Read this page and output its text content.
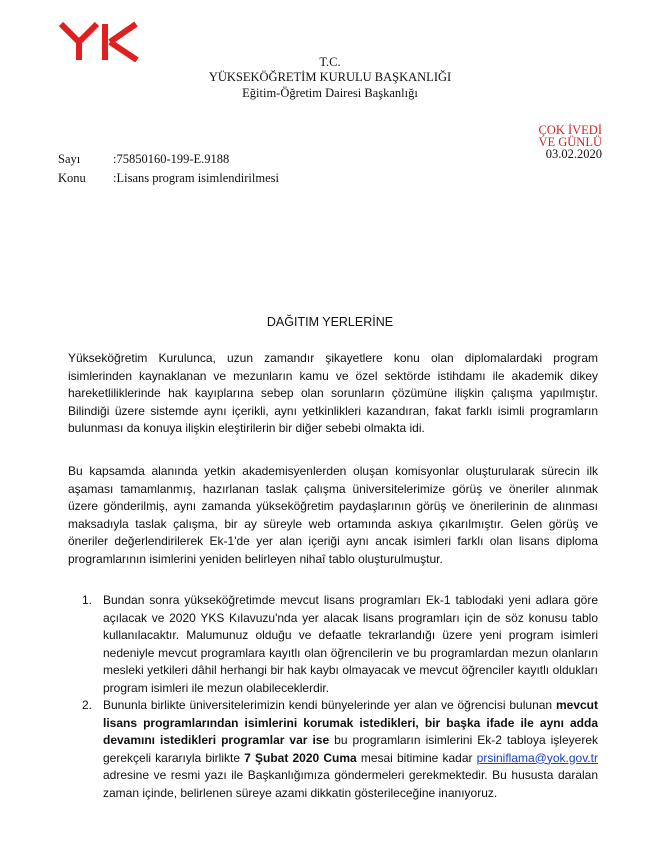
T.C.
YÜKSEKÖĞRETİM KURULU BAŞKANLIĞI
Eğitim-Öğretim Dairesi Başkanlığı
ÇOK İVEDİ
VE GÜNLÜ
03.02.2020
Sayı	:75850160-199-E.9188
Konu :Lisans program isimlendirilmesi
DAĞITIM YERLERİNE
Yükseköğretim Kurulunca, uzun zamandır şikayetlere konu olan diplomalardaki program isimlerinden kaynaklanan ve mezunların kamu ve özel sektörde istihdamı ile akademik dikey hareketliliklerinde hak kayıplarına sebep olan sorunların çözümüne ilişkin çalışma yapılmıştır. Bilindiği üzere sistemde aynı içerikli, aynı yetkinlikleri kazandıran, fakat farklı isimli programların bulunması da konuya ilişkin eleştirilerin bir diğer sebebi olmakta idi.
Bu kapsamda alanında yetkin akademisyenlerden oluşan komisyonlar oluşturularak sürecin ilk aşaması tamamlanmış, hazırlanan taslak çalışma üniversitelerimize görüş ve öneriler alınmak üzere gönderilmiş, aynı zamanda yükseköğretim paydaşlarının görüş ve önerilerinin de alınması maksadıyla taslak çalışma, bir ay süreyle web ortamında askıya çıkarılmıştır. Gelen görüş ve öneriler değerlendirilerek Ek-1'de yer alan içeriği aynı ancak isimleri farklı olan lisans diploma programlarının isimlerini yeniden belirleyen nihaî tablo oluşturulmuştur.
1. Bundan sonra yükseköğretimde mevcut lisans programları Ek-1 tablodaki yeni adlara göre açılacak ve 2020 YKS Kılavuzu'nda yer alacak lisans programları için de söz konusu tablo kullanılacaktır. Malumunuz olduğu ve defaatle tekrarlandığı üzere yeni program isimleri nedeniyle mevcut programlara kayıtlı olan öğrencilerin ve bu programlardan mezun olanların mesleki yetkileri dâhil herhangi bir hak kaybı olmayacak ve mevcut öğrenciler kayıtlı oldukları program isimleri ile mezun olabileceklerdir.
2. Bununla birlikte üniversitelerimizin kendi bünyelerinde yer alan ve öğrencisi bulunan mevcut lisans programlarından isimlerini korumak istedikleri, bir başka ifade ile aynı adda devamını istedikleri programlar var ise bu programların isimlerini Ek-2 tabloya işleyerek gerekçeli kararıyla birlikte 7 Şubat 2020 Cuma mesai bitimine kadar prsiniflama@yok.gov.tr adresine ve resmi yazı ile Başkanlığımıza göndermeleri gerekmektedir. Bu hususta daralan zaman içinde, belirlenen süreye azami dikkatin gösterileceğine inanıyoruz.
